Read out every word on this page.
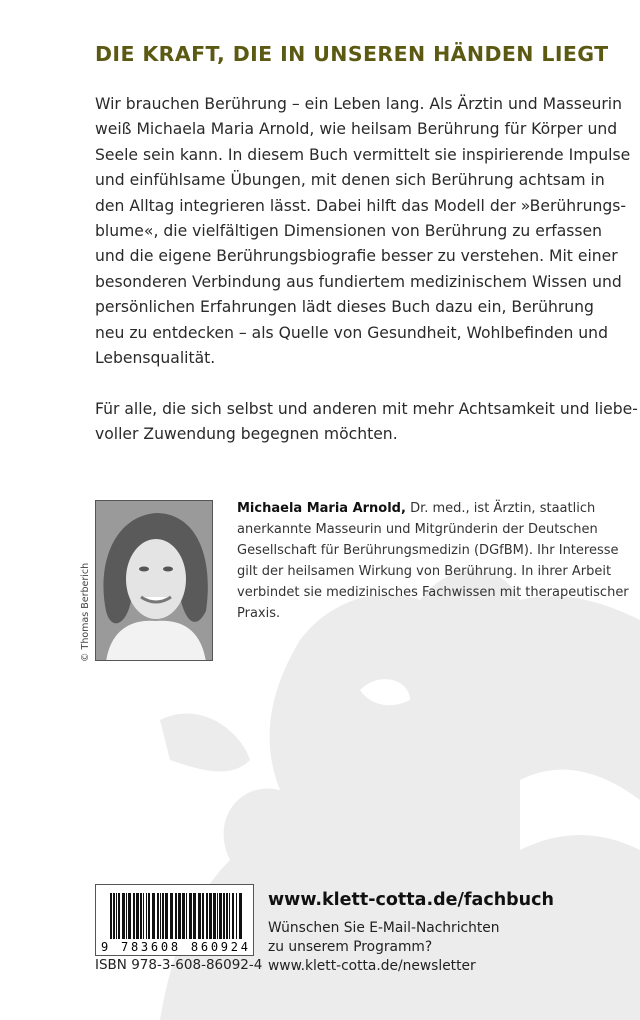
DIE KRAFT, DIE IN UNSEREN HÄNDEN LIEGT
Wir brauchen Berührung – ein Leben lang. Als Ärztin und Masseurin
weiß Michaela Maria Arnold, wie heilsam Berührung für Körper und
Seele sein kann. In diesem Buch vermittelt sie inspirierende Impulse
und einfühlsame Übungen, mit denen sich Berührung achtsam in
den Alltag integrieren lässt. Dabei hilft das Modell der »Berührungs-
blume«, die vielfältigen Dimensionen von Berührung zu erfassen
und die eigene Berührungsbiografie besser zu verstehen. Mit einer
besonderen Verbindung aus fundiertem medizinischem Wissen und
persönlichen Erfahrungen lädt dieses Buch dazu ein, Berührung
neu zu entdecken – als Quelle von Gesundheit, Wohlbefinden und
Lebensqualität.
Für alle, die sich selbst und anderen mit mehr Achtsamkeit und liebe-
voller Zuwendung begegnen möchten.
© Thomas Berberich
Michaela Maria Arnold, Dr. med., ist Ärztin, staatlich
anerkannte Masseurin und Mitgründerin der Deutschen
Gesellschaft für Berührungsmedizin (DGfBM). Ihr Interesse
gilt der heilsamen Wirkung von Berührung. In ihrer Arbeit
verbindet sie medizinisches Fachwissen mit therapeutischer
Praxis.
9 783608 860924
ISBN 978-3-608-86092-4
www.klett-cotta.de/fachbuch
Wünschen Sie E-Mail-Nachrichten
zu unserem Programm?
www.klett-cotta.de/newsletter
